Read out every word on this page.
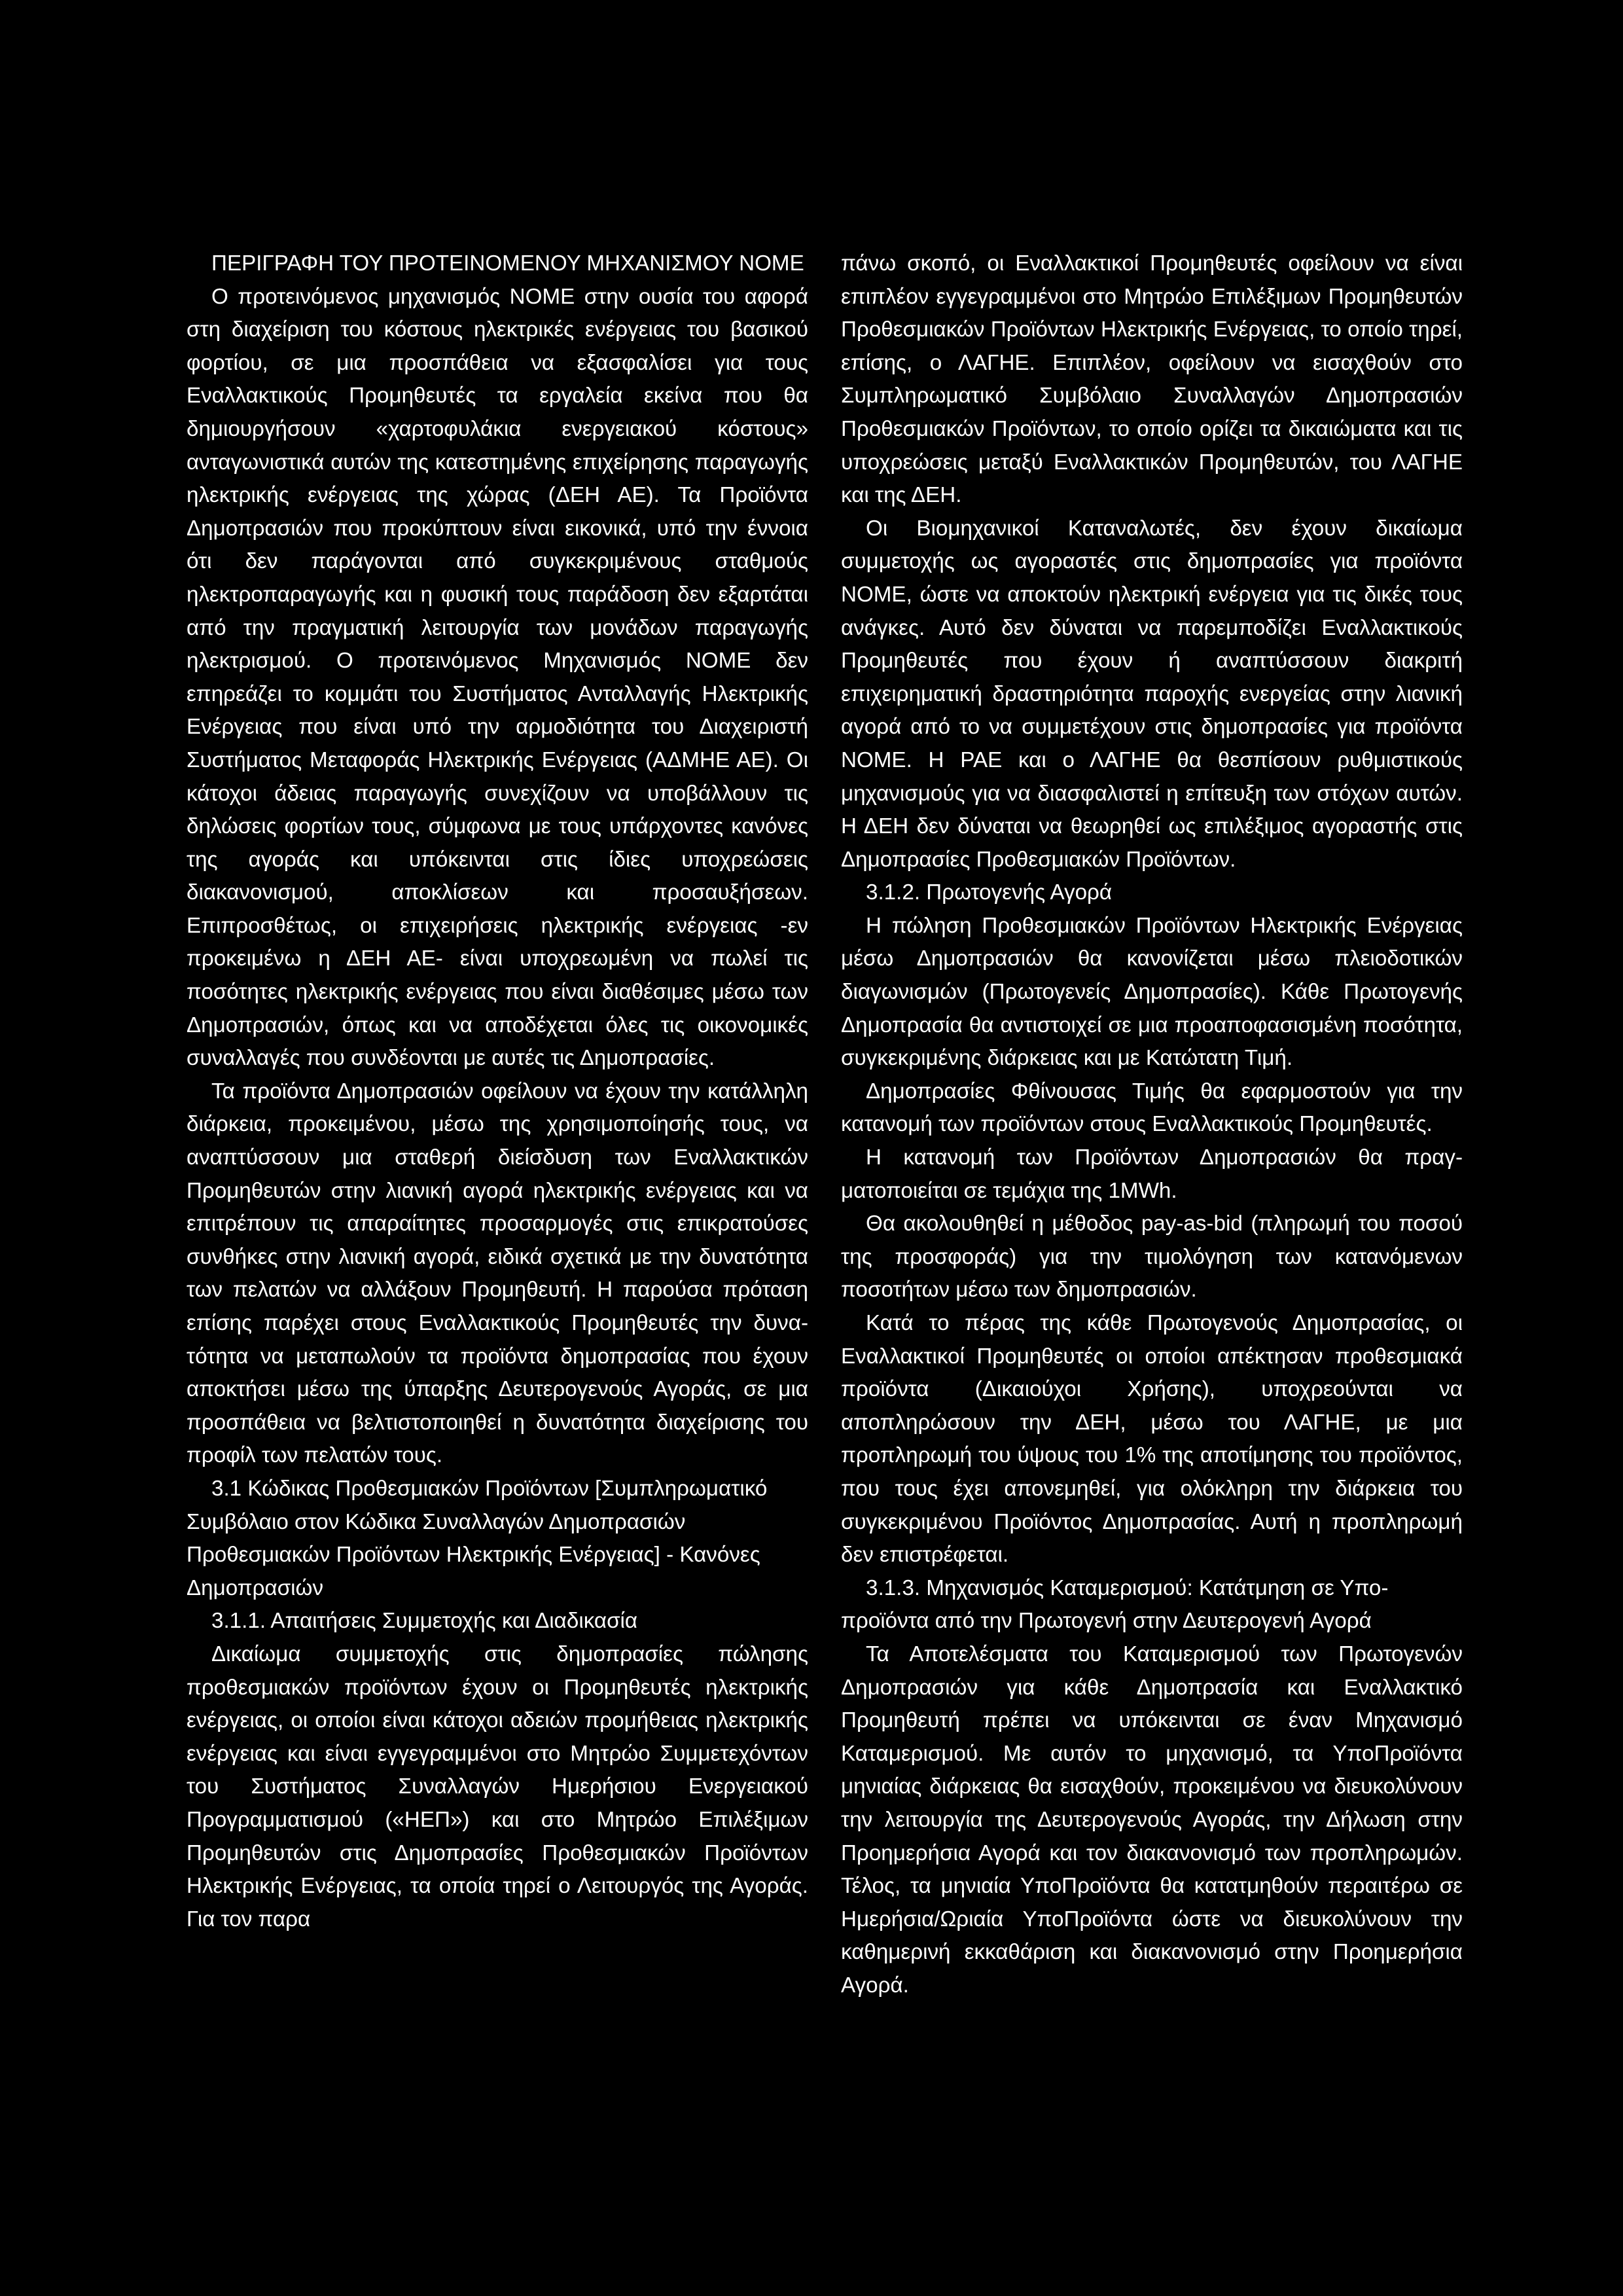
ΠΕΡΙΓΡΑΦΗ ΤΟΥ ΠΡΟΤΕΙΝΟΜΕΝΟΥ ΜΗΧΑΝΙΣΜΟΥ ΝΟΜΕ

Ο προτεινόμενος μηχανισμός ΝΟΜΕ στην ουσία του αφορά στη διαχείριση του κόστους ηλεκτρικές ενέργειας του βασικού φορτίου, σε μια προσπάθεια να εξασφαλίσει για τους Εναλλακτικούς Προμηθευτές τα εργαλεία εκείνα που θα δημιουργήσουν «χαρτοφυλάκια ενεργειακού κόστους» ανταγωνιστικά αυτών της κατεστημένης επιχείρησης παραγωγής ηλεκτρικής ενέργειας της χώρας (ΔΕΗ ΑΕ). Τα Προϊόντα Δημοπρασιών που προκύπτουν είναι εικονικά, υπό την έννοια ότι δεν παράγονται από συγκεκριμένους σταθμούς ηλεκτροπαραγωγής και η φυσική τους παράδοση δεν εξαρτάται από την πραγματική λειτουργία των μονάδων παραγωγής ηλεκτρισμού. Ο προτεινόμενος Μηχανισμός ΝΟΜΕ δεν επηρεάζει το κομμάτι του Συστήματος Ανταλλαγής Ηλεκτρικής Ενέργειας που είναι υπό την αρμοδιότητα του Διαχειριστή Συστήματος Μεταφοράς Ηλεκτρικής Ενέργειας (ΑΔΜΗΕ ΑΕ). Οι κάτοχοι άδειας παραγωγής συνεχίζουν να υποβάλλουν τις δηλώσεις φορτίων τους, σύμφωνα με τους υπάρχοντες κανόνες της αγοράς και υπόκεινται στις ίδιες υποχρεώσεις διακανονισμού, αποκλίσεων και προσαυξήσεων. Επιπροσθέτως, οι επιχειρήσεις ηλεκτρικής ενέργειας -εν προκειμένω η ΔΕΗ ΑΕ- είναι υποχρεωμένη να πωλεί τις ποσότητες ηλεκτρικής ενέργειας που είναι διαθέσιμες μέσω των Δημοπρασιών, όπως και να αποδέχεται όλες τις οικονομικές συναλλαγές που συνδέονται με αυτές τις Δημοπρασίες.

Τα προϊόντα Δημοπρασιών οφείλουν να έχουν την κατάλληλη διάρκεια, προκειμένου, μέσω της χρησιμοποίησής τους, να αναπτύσσουν μια σταθερή διείσδυση των Εναλλακτικών Προμηθευτών στην λιανική αγορά ηλεκτρικής ενέργειας και να επιτρέπουν τις απαραίτητες προσαρμογές στις επικρατούσες συνθήκες στην λιανική αγορά, ειδικά σχετικά με την δυνατότητα των πελατών να αλλάξουν Προμηθευτή. Η παρούσα πρόταση επίσης παρέχει στους Εναλλακτικούς Προμηθευτές την δυνατότητα να μεταπωλούν τα προϊόντα δημοπρασίας που έχουν αποκτήσει μέσω της ύπαρξης Δευτερογενούς Αγοράς, σε μια προσπάθεια να βελτιστοποιηθεί η δυνατότητα διαχείρισης του προφίλ των πελατών τους.

3.1 Κώδικας Προθεσμιακών Προϊόντων [Συμπληρωματικό Συμβόλαιο στον Κώδικα Συναλλαγών Δημοπρασιών Προθεσμιακών Προϊόντων Ηλεκτρικής Ενέργειας] - Κανόνες Δημοπρασιών

3.1.1. Απαιτήσεις Συμμετοχής και Διαδικασία

Δικαίωμα συμμετοχής στις δημοπρασίες πώλησης προθεσμιακών προϊόντων έχουν οι Προμηθευτές ηλεκτρικής ενέργειας, οι οποίοι είναι κάτοχοι αδειών προμήθειας ηλεκτρικής ενέργειας και είναι εγγεγραμμένοι στο Μητρώο Συμμετεχόντων του Συστήματος Συναλλαγών Ημερήσιου Ενεργειακού Προγραμματισμού («ΗΕΠ») και στο Μητρώο Επιλέξιμων Προμηθευτών στις Δημοπρασίες Προθεσμιακών Προϊόντων Ηλεκτρικής Ενέργειας, τα οποία τηρεί ο Λειτουργός της Αγοράς. Για τον παρα

πάνω σκοπό, οι Εναλλακτικοί Προμηθευτές οφείλουν να είναι επιπλέον εγγεγραμμένοι στο Μητρώο Επιλέξιμων Προμηθευτών Προθεσμιακών Προϊόντων Ηλεκτρικής Ενέργειας, το οποίο τηρεί, επίσης, ο ΛΑΓΗΕ. Επιπλέον, οφείλουν να εισαχθούν στο Συμπληρωματικό Συμβόλαιο Συναλλαγών Δημοπρασιών Προθεσμιακών Προϊόντων, το οποίο ορίζει τα δικαιώματα και τις υποχρεώσεις μεταξύ Εναλλακτικών Προμηθευτών, του ΛΑΓΗΕ και της ΔΕΗ.

Οι Βιομηχανικοί Καταναλωτές, δεν έχουν δικαίωμα συμμετοχής ως αγοραστές στις δημοπρασίες για προϊόντα ΝΟΜΕ, ώστε να αποκτούν ηλεκτρική ενέργεια για τις δικές τους ανάγκες. Αυτό δεν δύναται να παρεμποδίζει Εναλλακτικούς Προμηθευτές που έχουν ή αναπτύσσουν διακριτή επιχειρηματική δραστηριότητα παροχής ενεργείας στην λιανική αγορά από το να συμμετέχουν στις δημοπρασίες για προϊόντα ΝΟΜΕ. Η ΡΑΕ και ο ΛΑΓΗΕ θα θεσπίσουν ρυθμιστικούς μηχανισμούς για να διασφαλιστεί η επίτευξη των στόχων αυτών. Η ΔΕΗ δεν δύναται να θεωρηθεί ως επιλέξιμος αγοραστής στις Δημοπρασίες Προθεσμιακών Προϊόντων.

3.1.2. Πρωτογενής Αγορά

Η πώληση Προθεσμιακών Προϊόντων Ηλεκτρικής Ενέργειας μέσω Δημοπρασιών θα κανονίζεται μέσω πλειοδοτικών διαγωνισμών (Πρωτογενείς Δημοπρασίες). Κάθε Πρωτογενής Δημοπρασία θα αντιστοιχεί σε μια προαποφασισμένη ποσότητα, συγκεκριμένης διάρκειας και με Κατώτατη Τιμή.

Δημοπρασίες Φθίνουσας Τιμής θα εφαρμοστούν για την κατανομή των προϊόντων στους Εναλλακτικούς Προμηθευτές.

Η κατανομή των Προϊόντων Δημοπρασιών θα πραγματοποιείται σε τεμάχια της 1MWh.

Θα ακολουθηθεί η μέθοδος pay-as-bid (πληρωμή του ποσού της προσφοράς) για την τιμολόγηση των κατανόμενων ποσοτήτων μέσω των δημοπρασιών.

Κατά το πέρας της κάθε Πρωτογενούς Δημοπρασίας, οι Εναλλακτικοί Προμηθευτές οι οποίοι απέκτησαν προθεσμιακά προϊόντα (Δικαιούχοι Χρήσης), υποχρεούνται να αποπληρώσουν την ΔΕΗ, μέσω του ΛΑΓΗΕ, με μια προπληρωμή του ύψους του 1% της αποτίμησης του προϊόντος, που τους έχει απονεμηθεί, για ολόκληρη την διάρκεια του συγκεκριμένου Προϊόντος Δημοπρασίας. Αυτή η προπληρωμή δεν επιστρέφεται.

3.1.3. Μηχανισμός Καταμερισμού: Κατάτμηση σε Υποπροϊόντα από την Πρωτογενή στην Δευτερογενή Αγορά

Τα Αποτελέσματα του Καταμερισμού των Πρωτογενών Δημοπρασιών για κάθε Δημοπρασία και Εναλλακτικό Προμηθευτή πρέπει να υπόκεινται σε έναν Μηχανισμό Καταμερισμού. Με αυτόν το μηχανισμό, τα ΥποΠροϊόντα μηνιαίας διάρκειας θα εισαχθούν, προκειμένου να διευκολύνουν την λειτουργία της Δευτερογενούς Αγοράς, την Δήλωση στην Προημερήσια Αγορά και τον διακανονισμό των προπληρωμών. Τέλος, τα μηνιαία ΥποΠροϊόντα θα κατατμηθούν περαιτέρω σε Ημερήσια/Ωριαία ΥποΠροϊόντα ώστε να διευκολύνουν την καθημερινή εκκαθάριση και διακανονισμό στην Προημερήσια Αγορά.
